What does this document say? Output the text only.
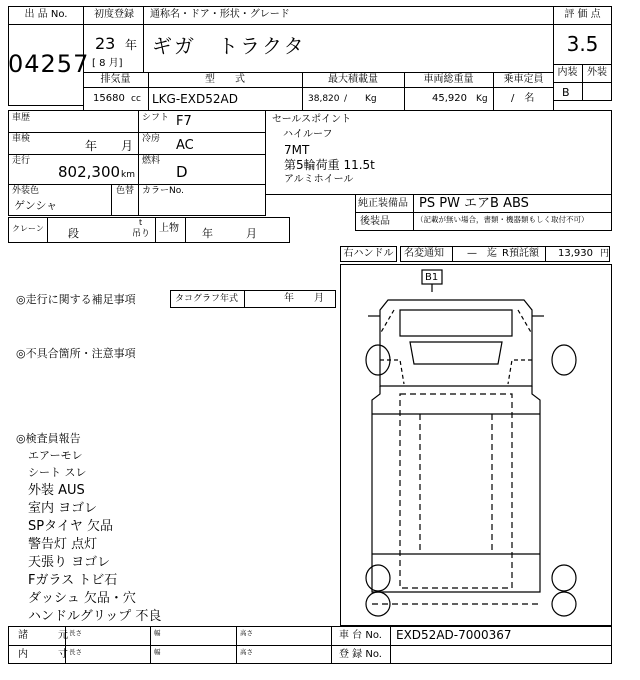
出 品 No.
04257
初度登録 通称名・ドア・形状・グレード
23 年
[ 8 月]
ギガ　トラクタ
評 価 点
3.5
内装 外装
B
排気量	型　　式	最大積載量	車両総重量	乗車定員
15680 cc LKG-EXD52AD	38,820 /　　Kg	45,920 Kg /　名
車歴
車検	年　　月
走行
802,300 km
シフト F7
冷房 AC
燃料
D
外装色
ゲンシャ
色替 カラーNo.
クレーン 段
t
吊り 上物 年　　　月
セールスポイント
ハイルーフ
7MT
第5輪荷重 11.5t
アルミホイール
純正装備品 PS PW エアB ABS
後装品	（記載が無い場合，書類・機器類もしく取付不可）
右ハンドル	名変通知 — 迄 R預託額 13,930 円
◎走行に関する補足事項	タコグラフ年式	年　　月
◎不具合箇所・注意事項
◎検査員報告
エアーモレ
シート スレ
外装 AUS
室内 ヨゴレ
SPタイヤ 欠品
警告灯 点灯
天張り ヨゴレ
Fガラス トビ石
ダッシュ 欠品・穴
ハンドルグリップ 不良
B1
諸　　　元
内　　　寸
長さ	幅	高さ
長さ	幅	高さ
車 台 No. EXD52AD-7000367
登 録 No.
